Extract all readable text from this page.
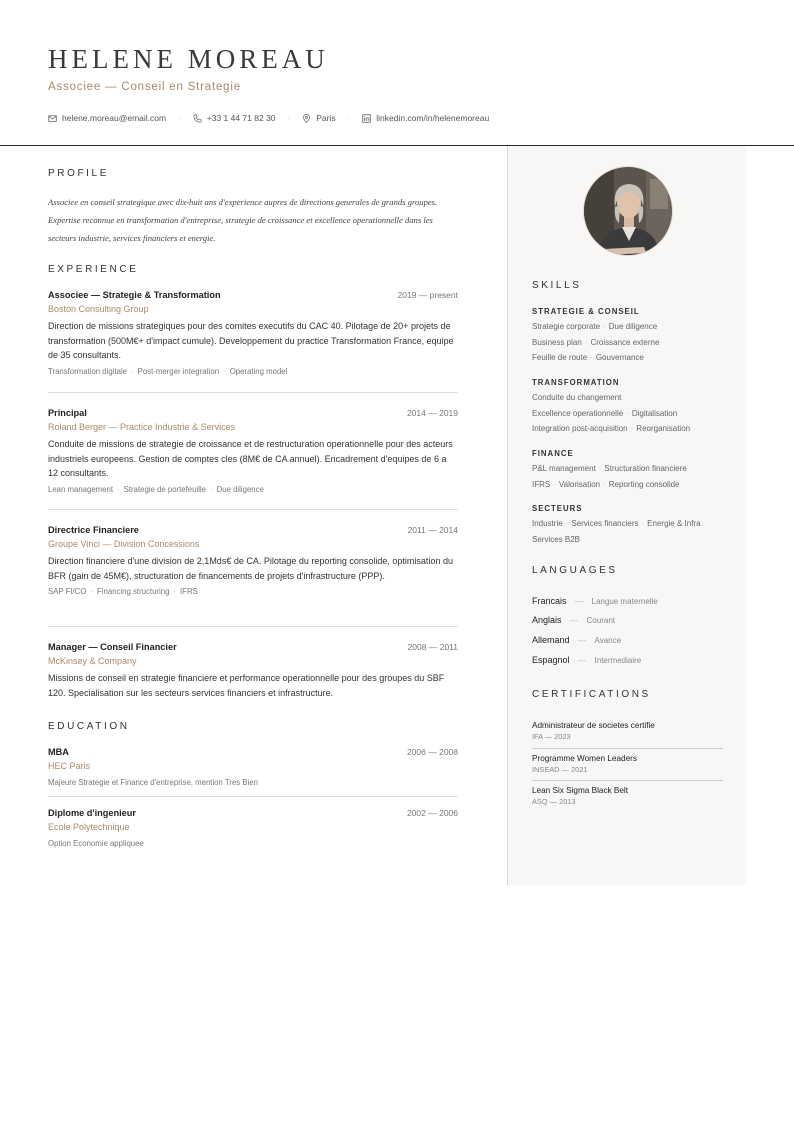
HELENE MOREAU
Associee — Conseil en Strategie
helene.moreau@email.com ·	+33 1 44 71 82 30 ·	Paris ·	linkedin.com/in/helenemoreau
PROFILE

Associee en conseil strategique avec dix-huit ans d'experience aupres de directions generales de grands groupes. Expertise reconnue en transformation d'entreprise, strategie de croissance et excellence operationnelle dans les secteurs industrie, services financiers et energie.

EXPERIENCE
Associee — Strategie & Transformation	2019 — present
Boston Consulting Group
Direction de missions strategiques pour des comites executifs du CAC 40. Pilotage de 20+ projets de transformation (500M€+ d'impact cumule). Developpement du practice Transformation France, equipe de 35 consultants.
Transformation digitale · Post-merger integration · Operating model
Principal	2014 — 2019
Roland Berger — Practice Industrie & Services
Conduite de missions de strategie de croissance et de restructuration operationnelle pour des acteurs industriels europeens. Gestion de comptes cles (8M€ de CA annuel). Encadrement d'equipes de 6 a 12 consultants.
Lean management · Strategie de portefeuille · Due diligence
Directrice Financiere	2011 — 2014
Groupe Vinci — Division Concessions
Direction financiere d'une division de 2,1Mds€ de CA. Pilotage du reporting consolide, optimisation du BFR (gain de 45M€), structuration de financements de projets d'infrastructure (PPP).
SAP FI/CO · Financing structuring · IFRS
Manager — Conseil Financier	2008 — 2011
McKinsey & Company
Missions de conseil en strategie financiere et performance operationnelle pour des groupes du SBF 120. Specialisation sur les secteurs services financiers et infrastructure.
EDUCATION
MBA	2006 — 2008
HEC Paris
Majeure Strategie et Finance d'entreprise, mention Tres Bien
Diplome d'ingenieur	2002 — 2006
Ecole Polytechnique
Option Economie appliquee
SKILLS
STRATEGIE & CONSEIL
Strategie corporate · Due diligence
Business plan · Croissance externe
Feuille de route · Gouvernance
TRANSFORMATION
Conduite du changement
Excellence operationnelle · Digitalisation
Integration post-acquisition · Reorganisation
FINANCE
P&L management · Structuration financiere
IFRS · Valorisation · Reporting consolide
SECTEURS
Industrie · Services financiers · Energie & Infra
Services B2B
LANGUAGES
Francais — Langue maternelle
Anglais — Courant
Allemand — Avance
Espagnol — Intermediaire
CERTIFICATIONS
Administrateur de societes certifie
IFA — 2023
Programme Women Leaders
INSEAD — 2021
Lean Six Sigma Black Belt
ASQ — 2013
